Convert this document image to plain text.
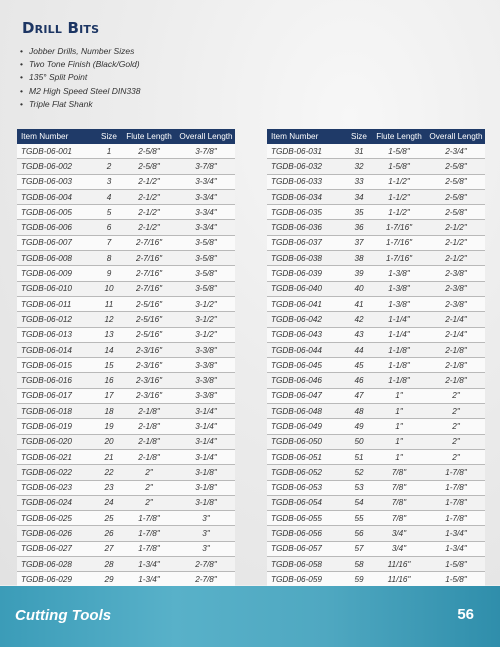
Drill Bits
• Jobber Drills, Number Sizes
• Two Tone Finish (Black/Gold)
• 135° Split Point
• M2 High Speed Steel DIN338
• Triple Flat Shank
Item Number	Size	Flute Length	Overall Length
TGDB-06-001	1	2-5/8"	3-7/8"
TGDB-06-002	2	2-5/8"	3-7/8"
TGDB-06-003	3	2-1/2"	3-3/4"
TGDB-06-004	4	2-1/2"	3-3/4"
TGDB-06-005	5	2-1/2"	3-3/4"
TGDB-06-006	6	2-1/2"	3-3/4"
TGDB-06-007	7	2-7/16"	3-5/8"
TGDB-06-008	8	2-7/16"	3-5/8"
TGDB-06-009	9	2-7/16"	3-5/8"
TGDB-06-010	10	2-7/16"	3-5/8"
TGDB-06-011	11	2-5/16"	3-1/2"
TGDB-06-012	12	2-5/16"	3-1/2"
TGDB-06-013	13	2-5/16"	3-1/2"
TGDB-06-014	14	2-3/16"	3-3/8"
TGDB-06-015	15	2-3/16"	3-3/8"
TGDB-06-016	16	2-3/16"	3-3/8"
TGDB-06-017	17	2-3/16"	3-3/8"
TGDB-06-018	18	2-1/8"	3-1/4"
TGDB-06-019	19	2-1/8"	3-1/4"
TGDB-06-020	20	2-1/8"	3-1/4"
TGDB-06-021	21	2-1/8"	3-1/4"
TGDB-06-022	22	2"	3-1/8"
TGDB-06-023	23	2"	3-1/8"
TGDB-06-024	24	2"	3-1/8"
TGDB-06-025	25	1-7/8"	3"
TGDB-06-026	26	1-7/8"	3"
TGDB-06-027	27	1-7/8"	3"
TGDB-06-028	28	1-3/4"	2-7/8"
TGDB-06-029	29	1-3/4"	2-7/8"

Item Number	Size	Flute Length	Overall Length
TGDB-06-031	31	1-5/8"	2-3/4"
TGDB-06-032	32	1-5/8"	2-5/8"
TGDB-06-033	33	1-1/2"	2-5/8"
TGDB-06-034	34	1-1/2"	2-5/8"
TGDB-06-035	35	1-1/2"	2-5/8"
TGDB-06-036	36	1-7/16"	2-1/2"
TGDB-06-037	37	1-7/16"	2-1/2"
TGDB-06-038	38	1-7/16"	2-1/2"
TGDB-06-039	39	1-3/8"	2-3/8"
TGDB-06-040	40	1-3/8"	2-3/8"
TGDB-06-041	41	1-3/8"	2-3/8"
TGDB-06-042	42	1-1/4"	2-1/4"
TGDB-06-043	43	1-1/4"	2-1/4"
TGDB-06-044	44	1-1/8"	2-1/8"
TGDB-06-045	45	1-1/8"	2-1/8"
TGDB-06-046	46	1-1/8"	2-1/8"
TGDB-06-047	47	1"	2"
TGDB-06-048	48	1"	2"
TGDB-06-049	49	1"	2"
TGDB-06-050	50	1"	2"
TGDB-06-051	51	1"	2"
TGDB-06-052	52	7/8"	1-7/8"
TGDB-06-053	53	7/8"	1-7/8"
TGDB-06-054	54	7/8"	1-7/8"
TGDB-06-055	55	7/8"	1-7/8"
TGDB-06-056	56	3/4"	1-3/4"
TGDB-06-057	57	3/4"	1-3/4"
TGDB-06-058	58	11/16"	1-5/8"
TGDB-06-059	59	11/16"	1-5/8"

Cutting Tools	56
